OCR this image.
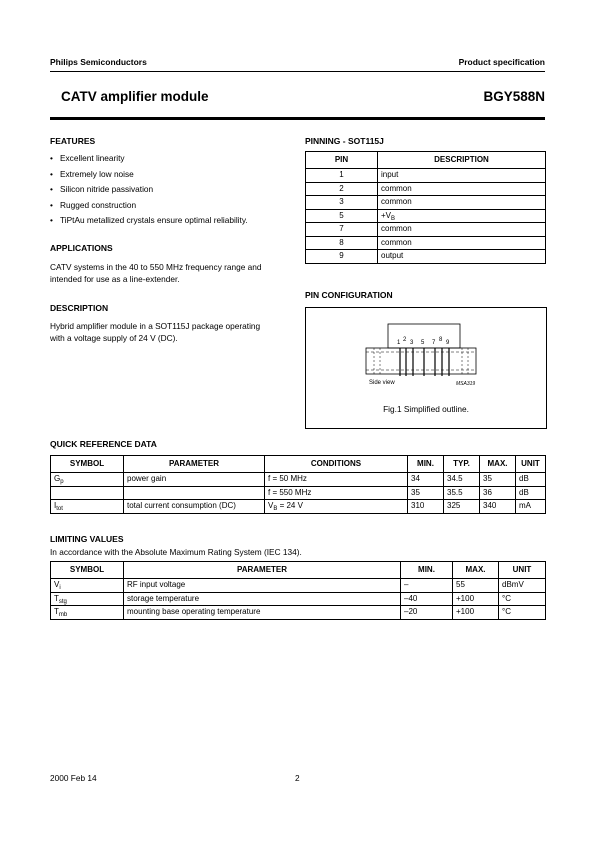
Philips Semiconductors	Product specification
CATV amplifier module	BGY588N
FEATURES
• Excellent linearity
• Extremely low noise
• Silicon nitride passivation
• Rugged construction
• TiPtAu metallized crystals ensure optimal reliability.
APPLICATIONS
CATV systems in the 40 to 550 MHz frequency range and
intended for use as a line-extender.
DESCRIPTION
Hybrid amplifier module in a SOT115J package operating
with a voltage supply of 24 V (DC).
PINNING - SOT115J
PIN	DESCRIPTION
1	input
2	common
3	common
5	$+V_B$
7	common
8	common
9	output
PIN CONFIGURATION
1 2 3 5 7 8 9
Side view	MSA319
Fig.1 Simplified outline.
QUICK REFERENCE DATA
SYMBOL	PARAMETER	CONDITIONS	MIN.	TYP.	MAX.	UNIT
$G_p$	power gain	f = 50 MHz	34	34.5	35	dB
		f = 550 MHz	35	35.5	36	dB
$I_{tot}$	total current consumption (DC)	$V_B = 24$ V	310	325	340	mA
LIMITING VALUES
In accordance with the Absolute Maximum Rating System (IEC 134).
SYMBOL	PARAMETER	MIN.	MAX.	UNIT
$V_i$	RF input voltage	–	55	dBmV
$T_{stg}$	storage temperature	–40	+100	°C
$T_{mb}$	mounting base operating temperature	–20	+100	°C
2000 Feb 14	2
